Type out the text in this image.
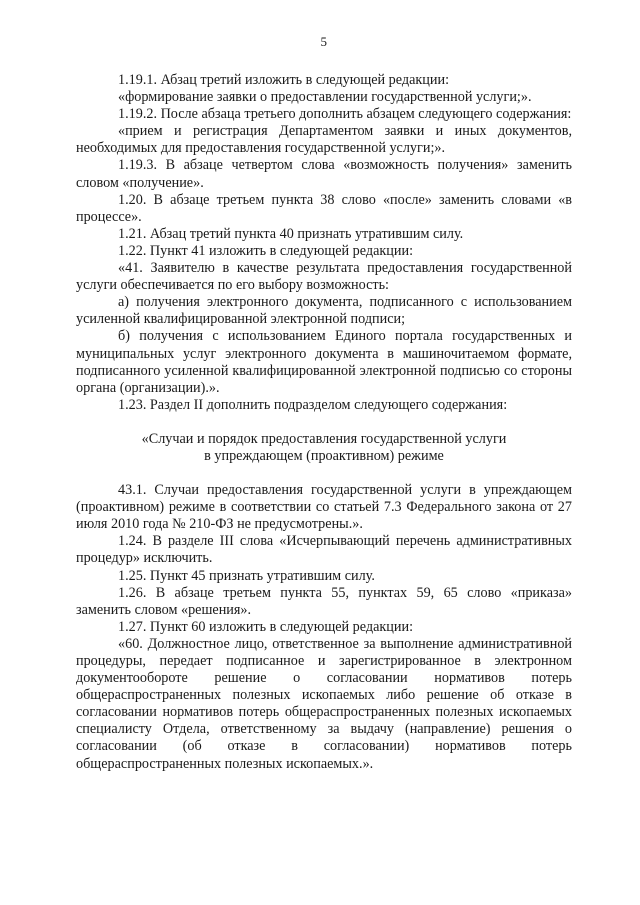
5

1.19.1. Абзац третий изложить в следующей редакции:

«формирование заявки о предоставлении государственной услуги;».

1.19.2. После абзаца третьего дополнить абзацем следующего содержания:

«прием и регистрация Департаментом заявки и иных документов, необходимых для предоставления государственной услуги;».

1.19.3. В абзаце четвертом слова «возможность получения» заменить словом «получение».

1.20. В абзаце третьем пункта 38 слово «после» заменить словами «в процессе».

1.21. Абзац третий пункта 40 признать утратившим силу.

1.22. Пункт 41 изложить в следующей редакции:

«41. Заявителю в качестве результата предоставления государственной услуги обеспечивается по его выбору возможность:

а) получения электронного документа, подписанного с использованием усиленной квалифицированной электронной подписи;

б) получения с использованием Единого портала государственных и муниципальных услуг электронного документа в машиночитаемом формате, подписанного усиленной квалифицированной электронной подписью со стороны органа (организации).».

1.23. Раздел II дополнить подразделом следующего содержания:

«Случаи и порядок предоставления государственной услуги
в упреждающем (проактивном) режиме

43.1. Случаи предоставления государственной услуги в упреждающем (проактивном) режиме в соответствии со статьей 7.3 Федерального закона от 27 июля 2010 года № 210-ФЗ не предусмотрены.».

1.24. В разделе III слова «Исчерпывающий перечень административных процедур» исключить.

1.25. Пункт 45 признать утратившим силу.

1.26. В абзаце третьем пункта 55, пунктах 59, 65 слово «приказа» заменить словом «решения».

1.27. Пункт 60 изложить в следующей редакции:

«60. Должностное лицо, ответственное за выполнение административной процедуры, передает подписанное и зарегистрированное в электронном документообороте решение о согласовании нормативов потерь общераспространенных полезных ископаемых либо решение об отказе в согласовании нормативов потерь общераспространенных полезных ископаемых специалисту Отдела, ответственному за выдачу (направление) решения о согласовании (об отказе в согласовании) нормативов потерь общераспространенных полезных ископаемых.».
